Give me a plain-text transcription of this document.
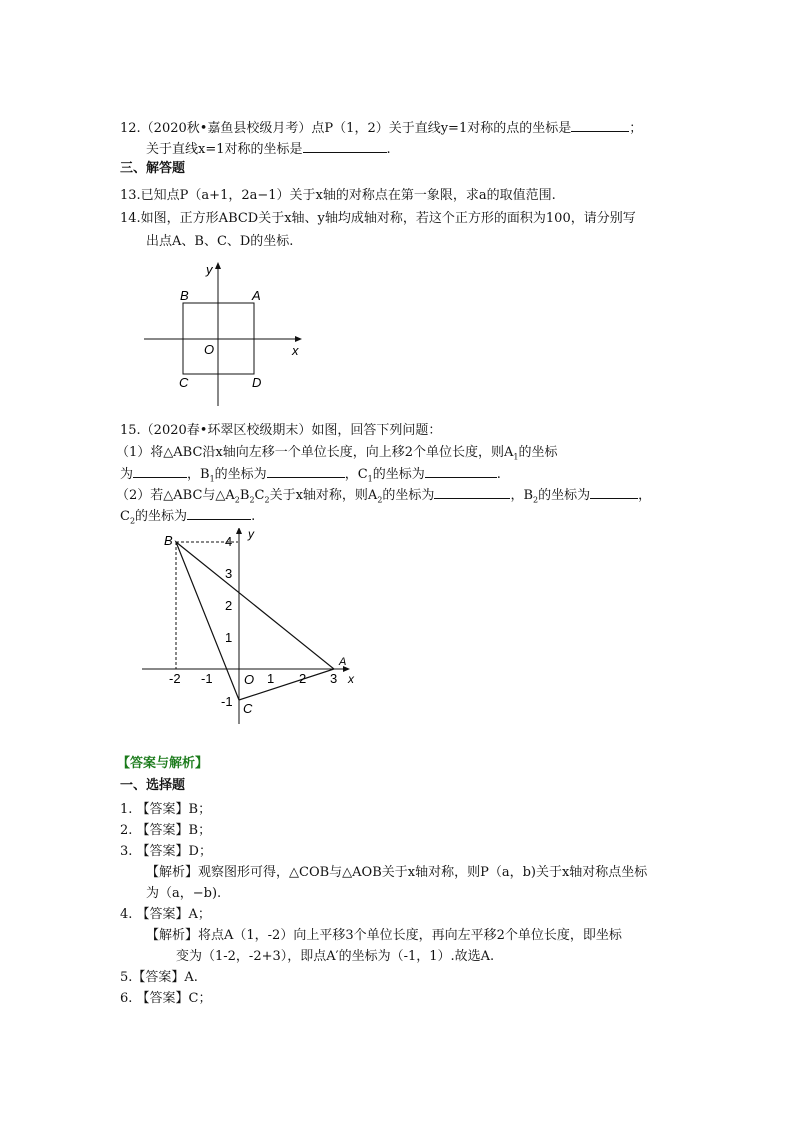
12.（2020秋•嘉鱼县校级月考）点P（1，2）关于直线y=1对称的点的坐标是	；
关于直线x=1对称的坐标是	.
三、解答题
13.已知点P（a+1，2a−1）关于x轴的对称点在第一象限，求a的取值范围.
14.如图，正方形ABCD关于x轴、y轴均成轴对称，若这个正方形的面积为100，请分别写
出点A、B、C、D的坐标.
y
x
O
A
B
C	D
15.（2020春•环翠区校级期末）如图，回答下列问题：
（1）将△ABC沿x轴向左移一个单位长度，向上移2个单位长度，则$A_1$的坐标
为	，$B_1$的坐标为	，$C_1$的坐标为	.
（2）若△ABC与$\triangle A_2B_2C_2$关于x轴对称，则$A_2$的坐标为	，$B_2$的坐标为	，
$C_2$的坐标为	.
y
x
O
A
B
C
4
3
2
1
-1
-2 -1	1 2 3
【答案与解析】
一、选择题
1. 【答案】B；
2. 【答案】B；
3. 【答案】D；
【解析】观察图形可得，△COB与△AOB关于x轴对称，则P（a，b)关于x轴对称点坐标
为（a，−b).
4. 【答案】A；
【解析】将点A（1，-2）向上平移3个单位长度，再向左平移2个单位长度，即坐标
变为（1-2，-2+3），即点A′的坐标为（-1，1）.故选A.
5.【答案】A.
6. 【答案】C；
